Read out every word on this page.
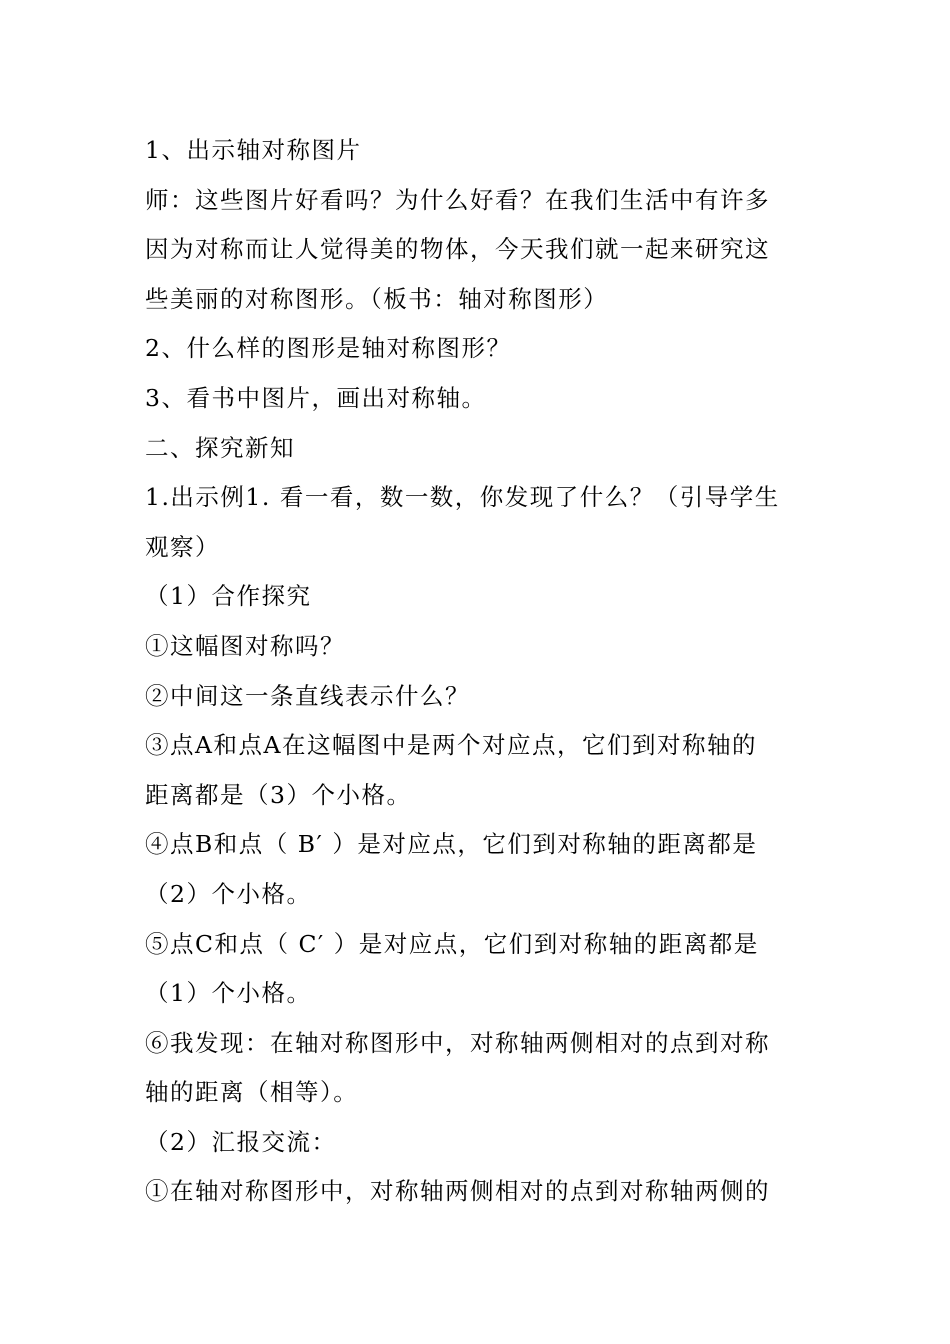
1、出示轴对称图片
师：这些图片好看吗？为什么好看？在我们生活中有许多
因为对称而让人觉得美的物体，今天我们就一起来研究这
些美丽的对称图形。（板书：轴对称图形）
2、什么样的图形是轴对称图形？
3、看书中图片，画出对称轴。
二、探究新知
1.出示例1. 看一看，数一数，你发现了什么？（引导学生
观察）
（1）合作探究
①这幅图对称吗？
②中间这一条直线表示什么？
③点A和点A在这幅图中是两个对应点，它们到对称轴的
距离都是（3）个小格。
④点B和点（ B′ ）是对应点，它们到对称轴的距离都是
（2）个小格。
⑤点C和点（ C′ ）是对应点，它们到对称轴的距离都是
（1）个小格。
⑥我发现：在轴对称图形中，对称轴两侧相对的点到对称
轴的距离（相等）。
（2）汇报交流：
①在轴对称图形中，对称轴两侧相对的点到对称轴两侧的
